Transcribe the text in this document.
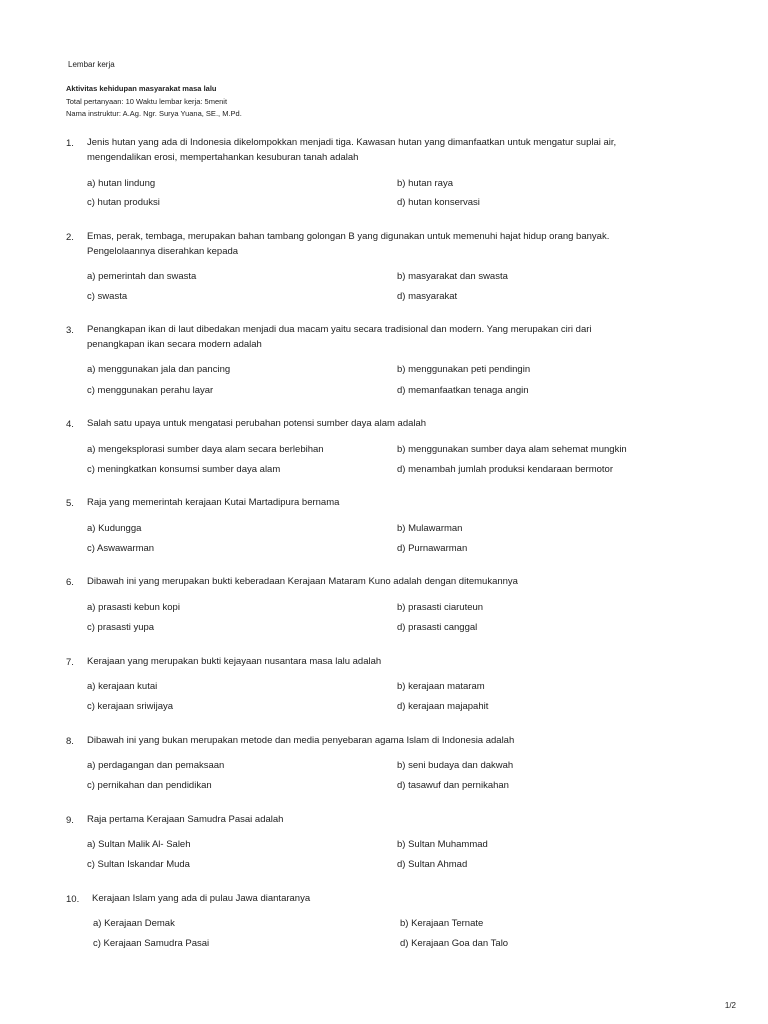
Lembar kerja
Aktivitas kehidupan masyarakat masa lalu
Total pertanyaan: 10 Waktu lembar kerja: 5menit
Nama instruktur: A.Ag. Ngr. Surya Yuana, SE., M.Pd.
1. Jenis hutan yang ada di Indonesia dikelompokkan menjadi tiga. Kawasan hutan yang dimanfaatkan untuk mengatur suplai air,
mengendalikan erosi, mempertahankan kesuburan tanah adalah
a) hutan lindung	b) hutan raya
c) hutan produksi	d) hutan konservasi
2. Emas, perak, tembaga, merupakan bahan tambang golongan B yang digunakan untuk memenuhi hajat hidup orang banyak.
Pengelolaannya diserahkan kepada
a) pemerintah dan swasta	b) masyarakat dan swasta
c) swasta	d) masyarakat
3. Penangkapan ikan di laut dibedakan menjadi dua macam yaitu secara tradisional dan modern. Yang merupakan ciri dari
penangkapan ikan secara modern adalah
a) menggunakan jala dan pancing	b) menggunakan peti pendingin
c) menggunakan perahu layar	d) memanfaatkan tenaga angin
4. Salah satu upaya untuk mengatasi perubahan potensi sumber daya alam adalah
a) mengeksplorasi sumber daya alam secara berlebihan	b) menggunakan sumber daya alam sehemat mungkin
c) meningkatkan konsumsi sumber daya alam	d) menambah jumlah produksi kendaraan bermotor
5. Raja yang memerintah kerajaan Kutai Martadipura bernama
a) Kudungga	b) Mulawarman
c) Aswawarman	d) Purnawarman
6. Dibawah ini yang merupakan bukti keberadaan Kerajaan Mataram Kuno adalah dengan ditemukannya
a) prasasti kebun kopi	b) prasasti ciaruteun
c) prasasti yupa	d) prasasti canggal
7. Kerajaan yang merupakan bukti kejayaan nusantara masa lalu adalah
a) kerajaan kutai	b) kerajaan mataram
c) kerajaan sriwijaya	d) kerajaan majapahit
8. Dibawah ini yang bukan merupakan metode dan media penyebaran agama Islam di Indonesia adalah
a) perdagangan dan pemaksaan	b) seni budaya dan dakwah
c) pernikahan dan pendidikan	d) tasawuf dan pernikahan
9. Raja pertama Kerajaan Samudra Pasai adalah
a) Sultan Malik Al- Saleh	b) Sultan Muhammad
c) Sultan Iskandar Muda	d) Sultan Ahmad
10. Kerajaan Islam yang ada di pulau Jawa diantaranya
a) Kerajaan Demak	b) Kerajaan Ternate
c) Kerajaan Samudra Pasai	d) Kerajaan Goa dan Talo
1/2
